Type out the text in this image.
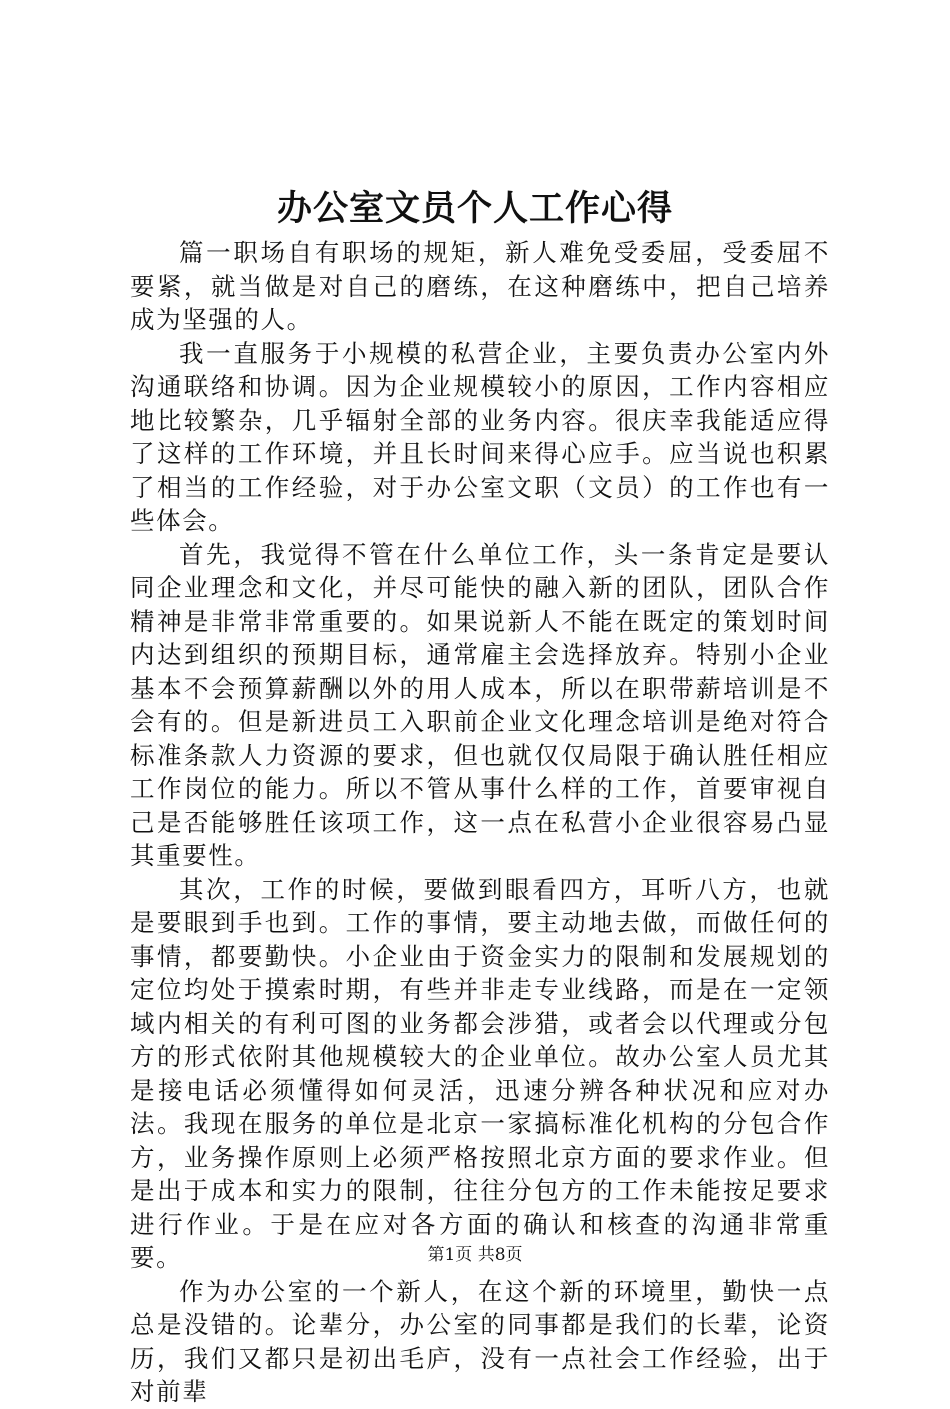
办公室文员个人工作心得

篇一职场自有职场的规矩，新人难免受委屈，受委屈不要紧，就当做是对自己的磨练，在这种磨练中，把自己培养成为坚强的人。

我一直服务于小规模的私营企业，主要负责办公室内外沟通联络和协调。因为企业规模较小的原因，工作内容相应地比较繁杂，几乎辐射全部的业务内容。很庆幸我能适应得了这样的工作环境，并且长时间来得心应手。应当说也积累了相当的工作经验，对于办公室文职（文员）的工作也有一些体会。

首先，我觉得不管在什么单位工作，头一条肯定是要认同企业理念和文化，并尽可能快的融入新的团队，团队合作精神是非常非常重要的。如果说新人不能在既定的策划时间内达到组织的预期目标，通常雇主会选择放弃。特别小企业基本不会预算薪酬以外的用人成本，所以在职带薪培训是不会有的。但是新进员工入职前企业文化理念培训是绝对符合标准条款人力资源的要求，但也就仅仅局限于确认胜任相应工作岗位的能力。所以不管从事什么样的工作，首要审视自己是否能够胜任该项工作，这一点在私营小企业很容易凸显其重要性。

其次，工作的时候，要做到眼看四方，耳听八方，也就是要眼到手也到。工作的事情，要主动地去做，而做任何的事情，都要勤快。小企业由于资金实力的限制和发展规划的定位均处于摸索时期，有些并非走专业线路，而是在一定领域内相关的有利可图的业务都会涉猎，或者会以代理或分包方的形式依附其他规模较大的企业单位。故办公室人员尤其是接电话必须懂得如何灵活，迅速分辨各种状况和应对办法。我现在服务的单位是北京一家搞标准化机构的分包合作方，业务操作原则上必须严格按照北京方面的要求作业。但是出于成本和实力的限制，往往分包方的工作未能按足要求进行作业。于是在应对各方面的确认和核查的沟通非常重要。

作为办公室的一个新人，在这个新的环境里，勤快一点总是没错的。论辈分，办公室的同事都是我们的长辈，论资历，我们又都只是初出毛庐，没有一点社会工作经验，出于对前辈

第1页 共8页
